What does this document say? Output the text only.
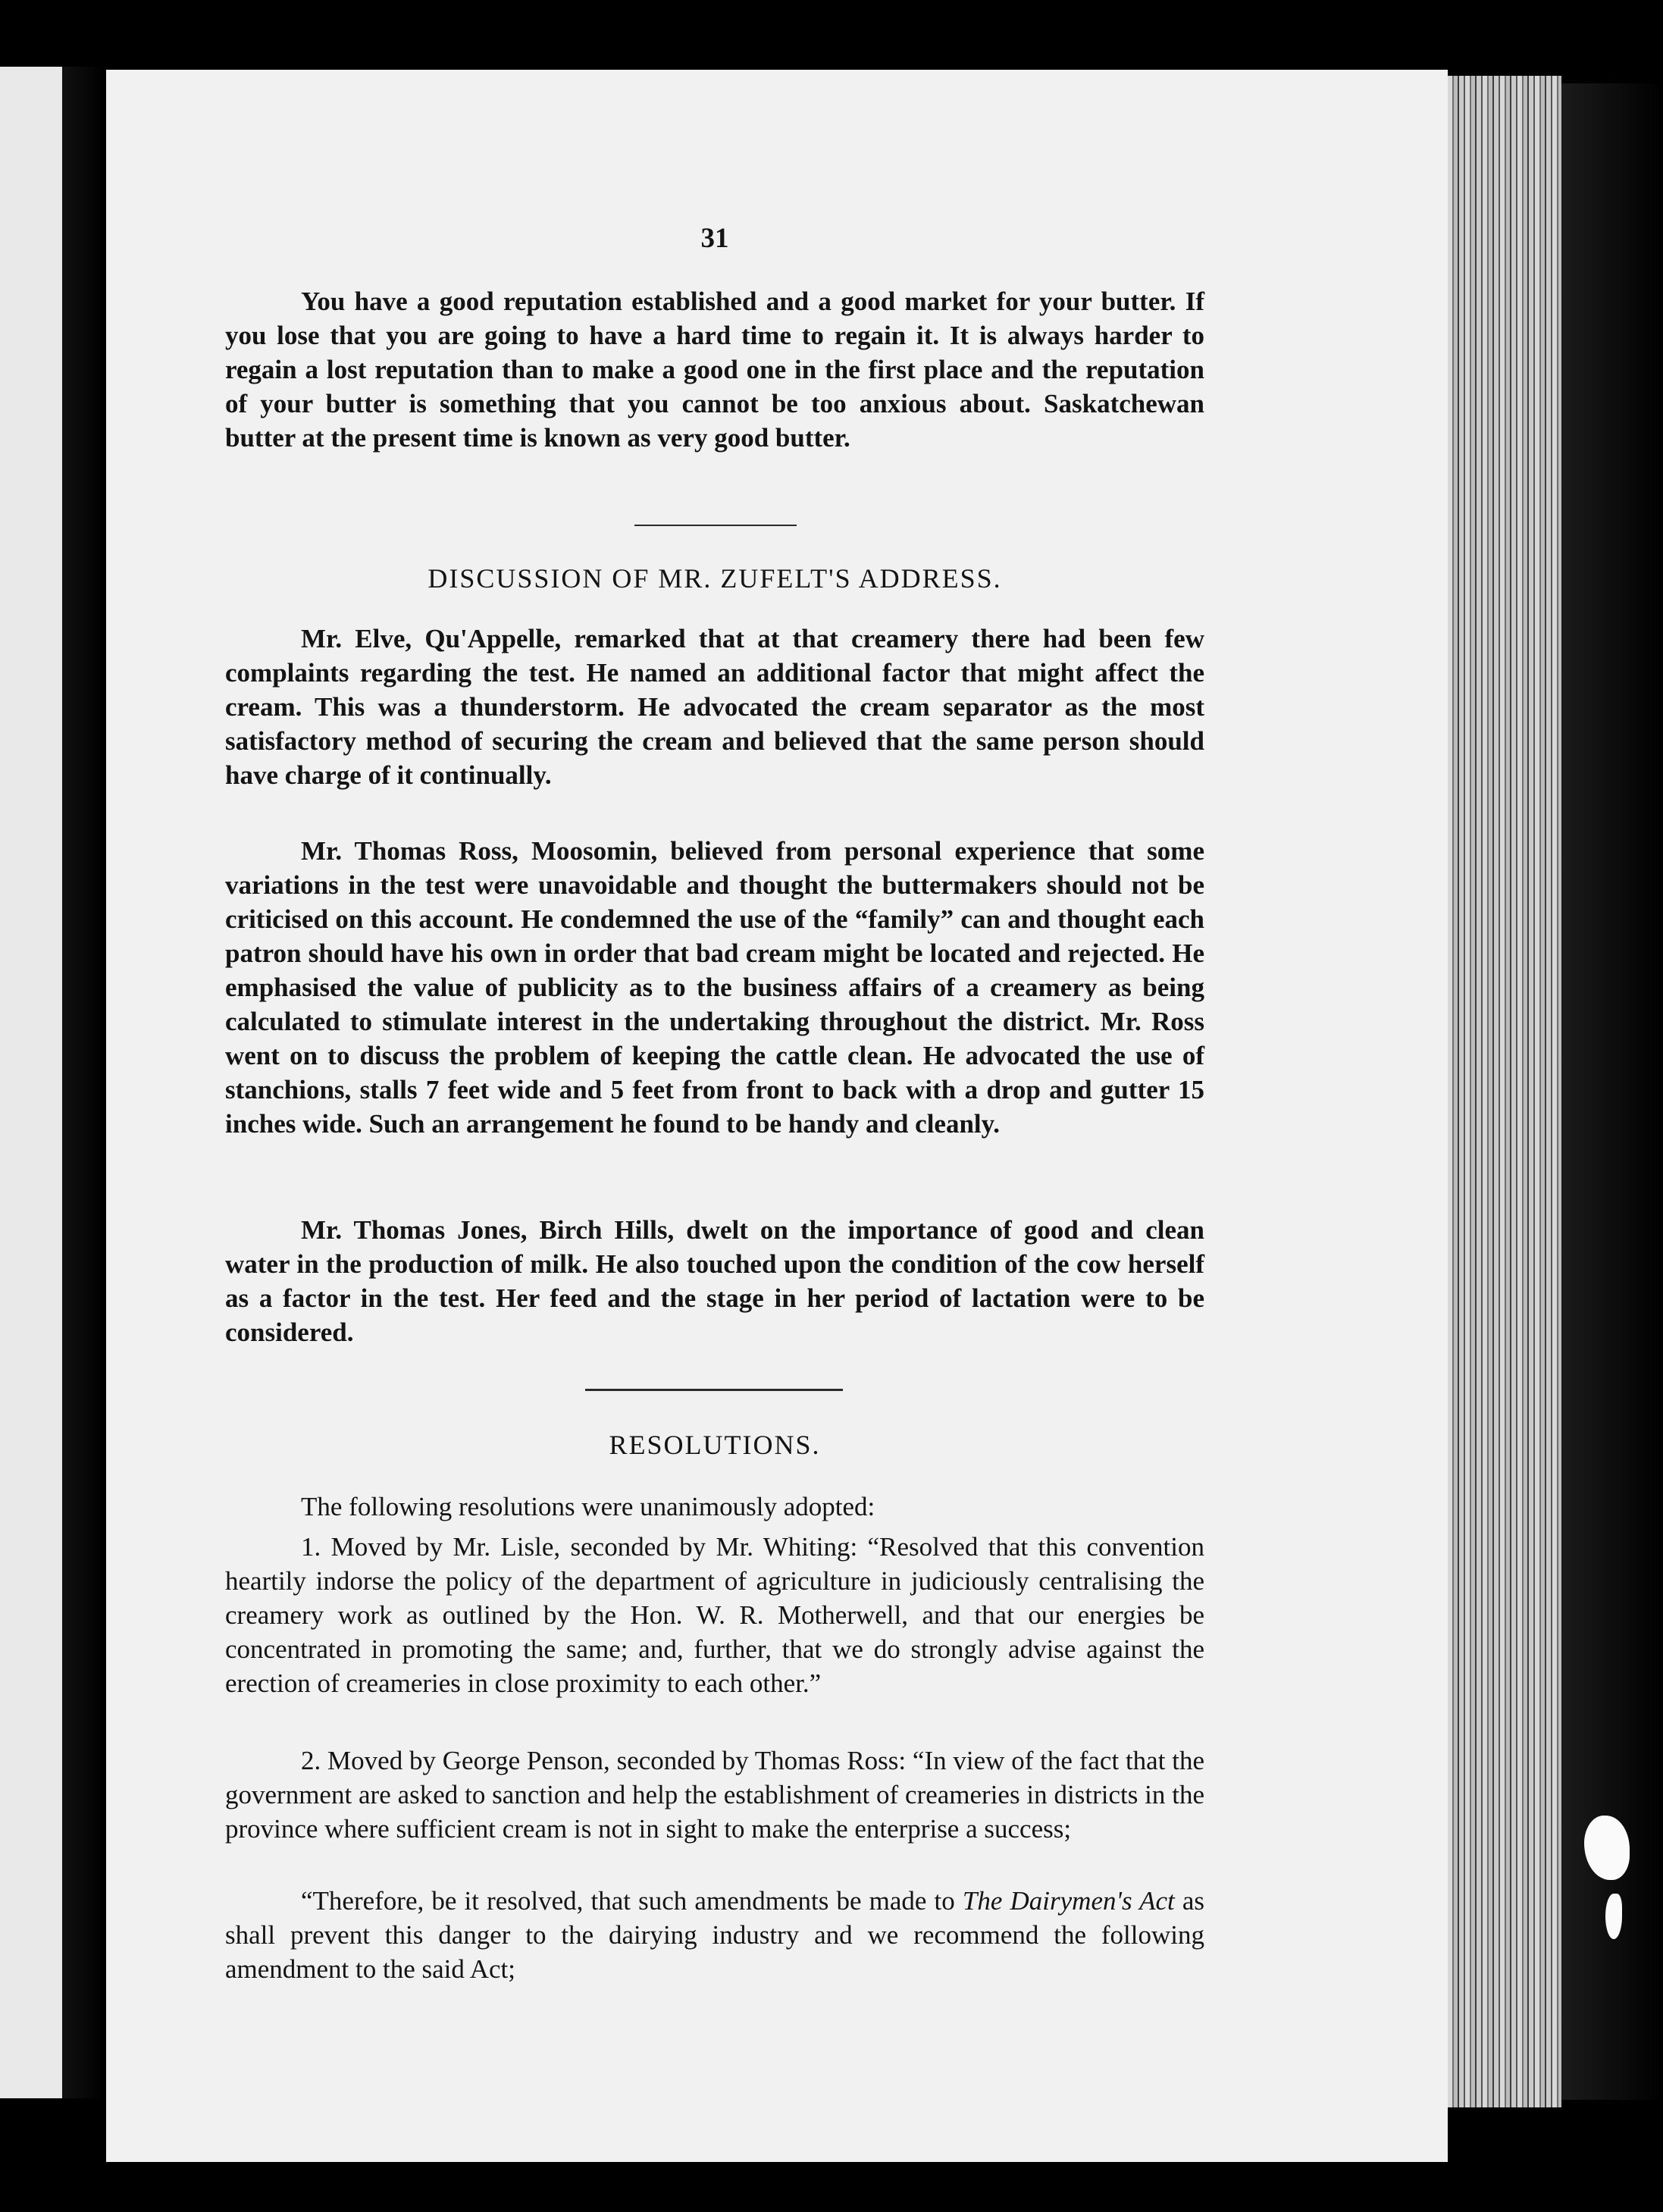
31

You have a good reputation established and a good market for your butter. If you lose that you are going to have a hard time to regain it. It is always harder to regain a lost reputation than to make a good one in the first place and the reputation of your butter is something that you cannot be too anxious about. Saskatchewan butter at the present time is known as very good butter.

DISCUSSION OF MR. ZUFELT'S ADDRESS.

Mr. Elve, Qu'Appelle, remarked that at that creamery there had been few complaints regarding the test. He named an additional factor that might affect the cream. This was a thunderstorm. He advocated the cream separator as the most satisfactory method of securing the cream and believed that the same person should have charge of it continually.

Mr. Thomas Ross, Moosomin, believed from personal experience that some variations in the test were unavoidable and thought the buttermakers should not be criticised on this account. He condemned the use of the “family” can and thought each patron should have his own in order that bad cream might be located and rejected. He emphasised the value of publicity as to the business affairs of a creamery as being calculated to stimulate interest in the undertaking throughout the district. Mr. Ross went on to discuss the problem of keeping the cattle clean. He advocated the use of stanchions, stalls 7 feet wide and 5 feet from front to back with a drop and gutter 15 inches wide. Such an arrangement he found to be handy and cleanly.

Mr. Thomas Jones, Birch Hills, dwelt on the importance of good and clean water in the production of milk. He also touched upon the condition of the cow herself as a factor in the test. Her feed and the stage in her period of lactation were to be considered.

RESOLUTIONS.

The following resolutions were unanimously adopted:

1. Moved by Mr. Lisle, seconded by Mr. Whiting: “Resolved that this convention heartily indorse the policy of the department of agriculture in judiciously centralising the creamery work as outlined by the Hon. W. R. Motherwell, and that our energies be concentrated in promoting the same; and, further, that we do strongly advise against the erection of creameries in close proximity to each other.”

2. Moved by George Penson, seconded by Thomas Ross: “In view of the fact that the government are asked to sanction and help the establishment of creameries in districts in the province where sufficient cream is not in sight to make the enterprise a success;

“Therefore, be it resolved, that such amendments be made to The Dairymen's Act as shall prevent this danger to the dairying industry and we recommend the following amendment to the said Act;
